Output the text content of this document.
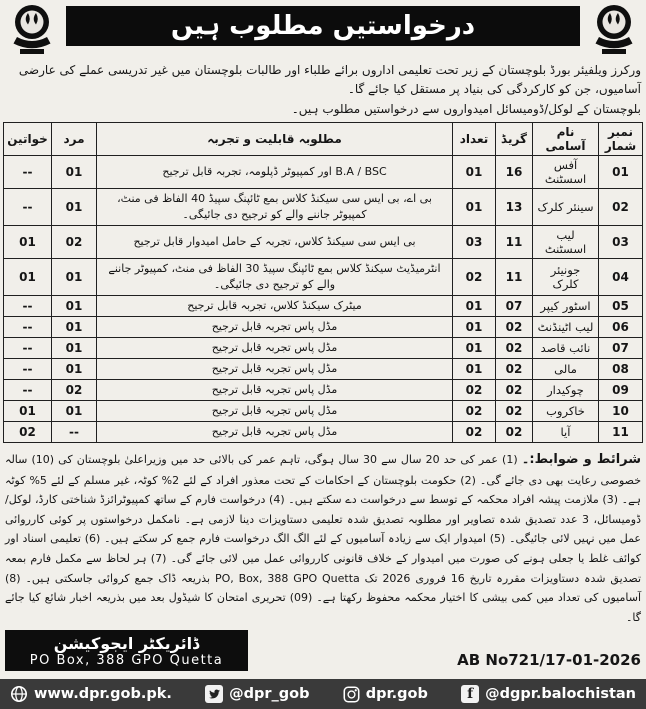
درخواستیں مطلوب ہیں
ورکرز ویلفیئر بورڈ بلوچستان کے زیر تحت تعلیمی اداروں برائے طلباء اور طالبات بلوچستان میں غیر تدریسی عملے کی عارضی آسامیوں، جن کو کارکردگی کی بنیاد پر مستقل کیا جائے گا۔
بلوچستان کے لوکل/ڈومیسائل امیدواروں سے درخواستیں مطلوب ہیں۔
نمبر شمار	نام آسامی	گریڈ	تعداد	مطلوبہ قابلیت و تجربہ	مرد	خواتین
01	آفس اسسٹنٹ	16	01	B.A / BSC اور کمپیوٹر ڈپلومہ، تجربہ قابل ترجیح	01	--
02	سینئر کلرک	13	01	بی اے، بی ایس سی سیکنڈ کلاس بمع ٹائپنگ سپیڈ 40 الفاظ فی منٹ، کمپیوٹر جاننے والے کو ترجیح دی جائیگی۔	01	--
03	لیب اسسٹنٹ	11	03	بی ایس سی سیکنڈ کلاس، تجربہ کے حامل امیدوار قابل ترجیح	02	01
04	جونیئر کلرک	11	02	انٹرمیڈیٹ سیکنڈ کلاس بمع ٹائپنگ سپیڈ 30 الفاظ فی منٹ، کمپیوٹر جاننے والے کو ترجیح دی جائیگی۔	01	01
05	اسٹور کیپر	07	01	میٹرک سیکنڈ کلاس، تجربہ قابل ترجیح	01	--
06	لیب اٹینڈنٹ	02	01	مڈل پاس تجربہ قابل ترجیح	01	--
07	نائب قاصد	02	01	مڈل پاس تجربہ قابل ترجیح	01	--
08	مالی	02	01	مڈل پاس تجربہ قابل ترجیح	01	--
09	چوکیدار	02	02	مڈل پاس تجربہ قابل ترجیح	02	--
10	خاکروب	02	02	مڈل پاس تجربہ قابل ترجیح	01	01
11	آیا	02	02	مڈل پاس تجربہ قابل ترجیح	--	02
شرائط و ضوابط:۔ (1) عمر کی حد 20 سال سے 30 سال ہوگی، تاہم عمر کی بالائی حد میں وزیراعلیٰ بلوچستان کی (10) سالہ خصوصی رعایت بھی دی جائے گی۔ (2) حکومت بلوچستان کے احکامات کے تحت معذور افراد کے لئے 2% کوٹہ، غیر مسلم کے لئے 5% کوٹہ ہے۔ (3) ملازمت پیشہ افراد محکمہ کے توسط سے درخواست دے سکتے ہیں۔ (4) درخواست فارم کے ساتھ کمپیوٹرائزڈ شناختی کارڈ، لوکل/ڈومیسائل، 3 عدد تصدیق شدہ تصاویر اور مطلوبہ تصدیق شدہ تعلیمی دستاویزات دینا لازمی ہے۔ نامکمل درخواستوں پر کوئی کارروائی عمل میں نہیں لائی جائیگی۔ (5) امیدوار ایک سے زیادہ آسامیوں کے لئے الگ الگ درخواست فارم جمع کر سکتے ہیں۔ (6) تعلیمی اسناد اور کوائف غلط یا جعلی ہونے کی صورت میں امیدوار کے خلاف قانونی کارروائی عمل میں لائی جائے گی۔ (7) ہر لحاظ سے مکمل فارم بمعہ تصدیق شدہ دستاویزات مقررہ تاریخ 16 فروری 2026 تک PO, Box, 388 GPO Quetta بذریعہ ڈاک جمع کروائی جاسکتی ہیں۔ (8) آسامیوں کی تعداد میں کمی بیشی کا اختیار محکمہ محفوظ رکھتا ہے۔ (09) تحریری امتحان کا شیڈول بعد میں بذریعہ اخبار شائع کیا جائے گا۔
ڈائریکٹر ایجوکیشن
PO Box, 388 GPO Quetta	AB No721/17-01-2026
www.dpr.gob.pk.	@dpr_gob	dpr.gob	f @dgpr.balochistan
